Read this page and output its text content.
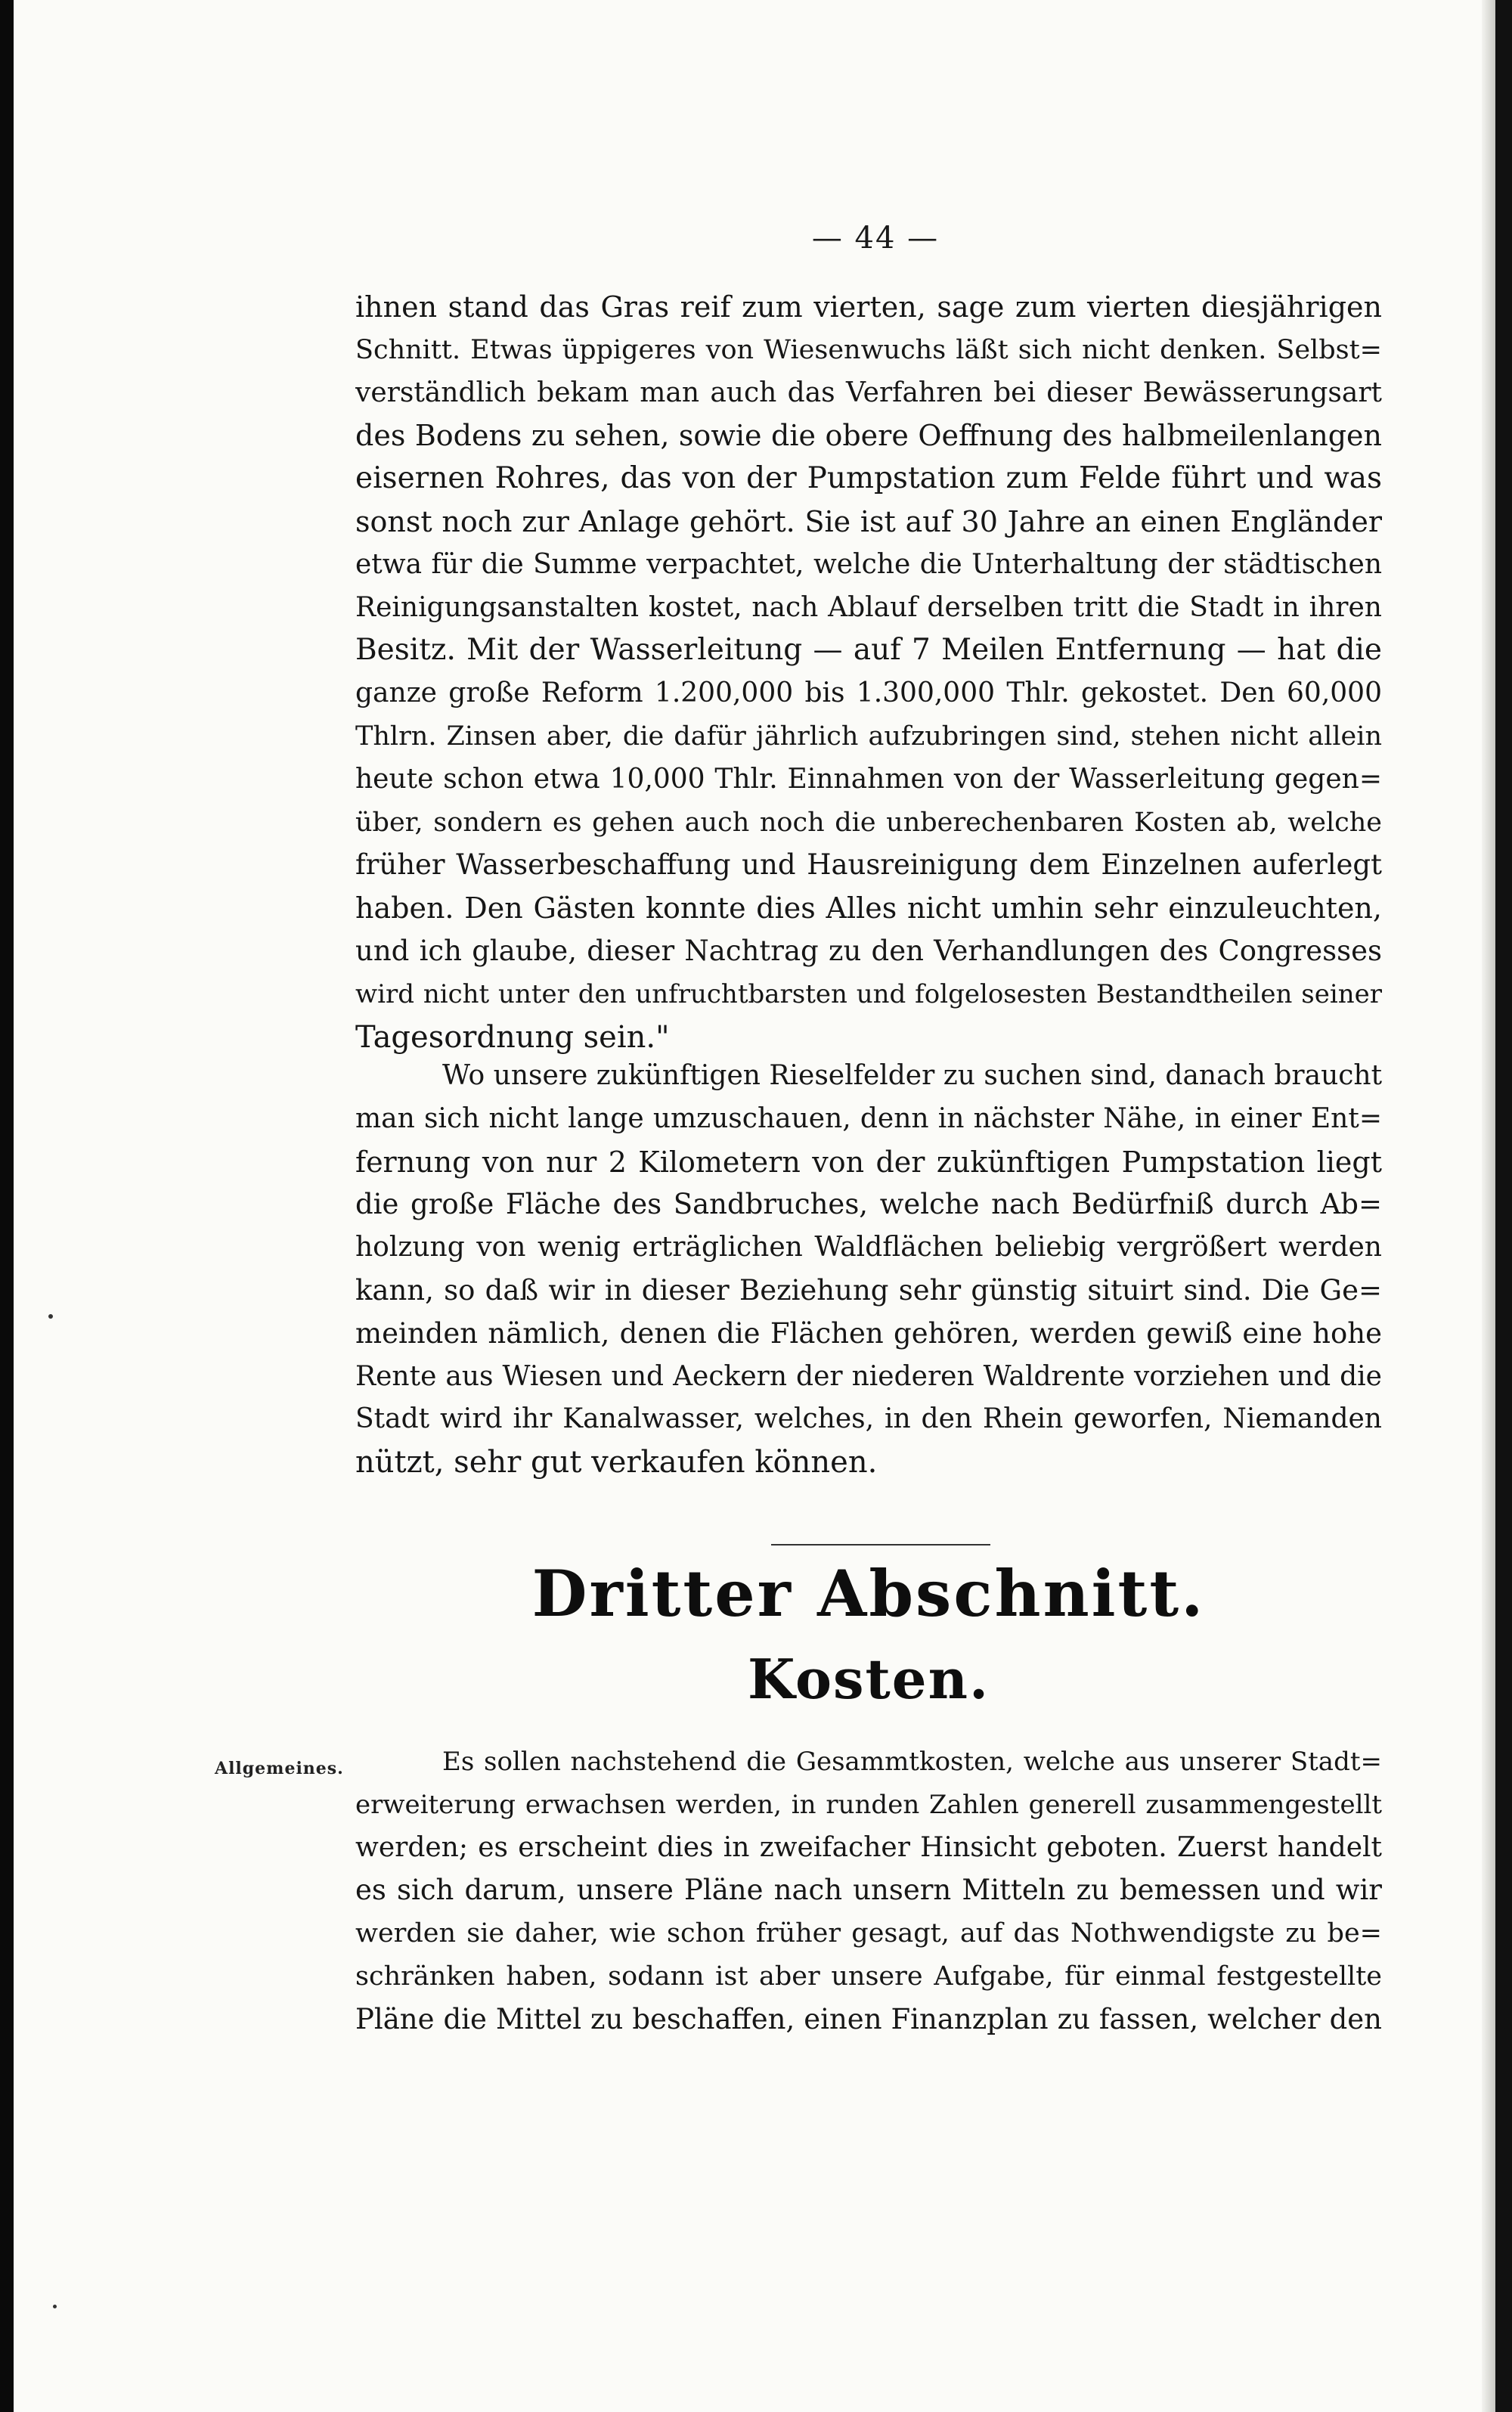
— 44 —
ihnen stand das Gras reif zum vierten, sage zum vierten diesjährigen
Schnitt. Etwas üppigeres von Wiesenwuchs läßt sich nicht denken. Selbst=
verständlich bekam man auch das Verfahren bei dieser Bewässerungsart
des Bodens zu sehen, sowie die obere Oeffnung des halbmeilenlangen
eisernen Rohres, das von der Pumpstation zum Felde führt und was
sonst noch zur Anlage gehört. Sie ist auf 30 Jahre an einen Engländer
etwa für die Summe verpachtet, welche die Unterhaltung der städtischen
Reinigungsanstalten kostet, nach Ablauf derselben tritt die Stadt in ihren
Besitz. Mit der Wasserleitung — auf 7 Meilen Entfernung — hat die
ganze große Reform 1.200,000 bis 1.300,000 Thlr. gekostet. Den 60,000
Thlrn. Zinsen aber, die dafür jährlich aufzubringen sind, stehen nicht allein
heute schon etwa 10,000 Thlr. Einnahmen von der Wasserleitung gegen=
über, sondern es gehen auch noch die unberechenbaren Kosten ab, welche
früher Wasserbeschaffung und Hausreinigung dem Einzelnen auferlegt
haben. Den Gästen konnte dies Alles nicht umhin sehr einzuleuchten,
und ich glaube, dieser Nachtrag zu den Verhandlungen des Congresses
wird nicht unter den unfruchtbarsten und folgelosesten Bestandtheilen seiner
Tagesordnung sein."
Wo unsere zukünftigen Rieselfelder zu suchen sind, danach braucht
man sich nicht lange umzuschauen, denn in nächster Nähe, in einer Ent=
fernung von nur 2 Kilometern von der zukünftigen Pumpstation liegt
die große Fläche des Sandbruches, welche nach Bedürfniß durch Ab=
holzung von wenig erträglichen Waldflächen beliebig vergrößert werden
kann, so daß wir in dieser Beziehung sehr günstig situirt sind. Die Ge=
meinden nämlich, denen die Flächen gehören, werden gewiß eine hohe
Rente aus Wiesen und Aeckern der niederen Waldrente vorziehen und die
Stadt wird ihr Kanalwasser, welches, in den Rhein geworfen, Niemanden
nützt, sehr gut verkaufen können.
Dritter Abschnitt.
Kosten.
Allgemeines.	Es sollen nachstehend die Gesammtkosten, welche aus unserer Stadt=
erweiterung erwachsen werden, in runden Zahlen generell zusammengestellt
werden; es erscheint dies in zweifacher Hinsicht geboten. Zuerst handelt
es sich darum, unsere Pläne nach unsern Mitteln zu bemessen und wir
werden sie daher, wie schon früher gesagt, auf das Nothwendigste zu be=
schränken haben, sodann ist aber unsere Aufgabe, für einmal festgestellte
Pläne die Mittel zu beschaffen, einen Finanzplan zu fassen, welcher den
